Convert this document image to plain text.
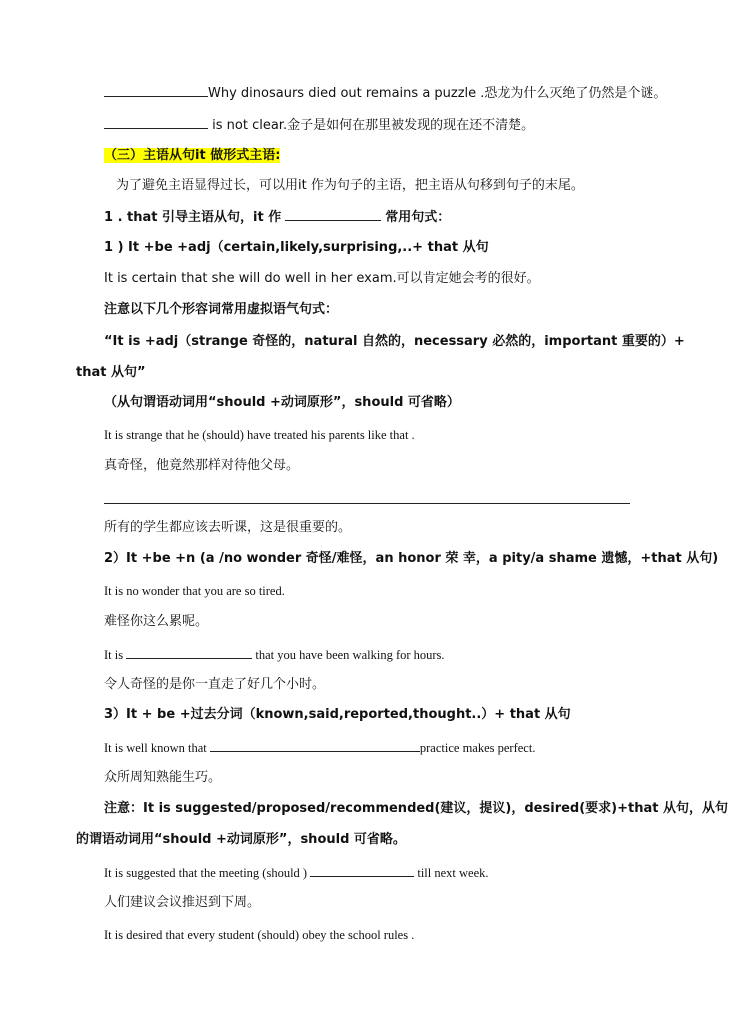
Why dinosaurs died out remains a puzzle .恐龙为什么灭绝了仍然是个谜。
is not clear.金子是如何在那里被发现的现在还不清楚。
（三）主语从句it 做形式主语:
为了避免主语显得过长，可以用it 作为句子的主语，把主语从句移到句子的末尾。
1 . that 引导主语从句，it 作	常用句式：
1 ) It +be +adj（certain,likely,surprising,..+ that 从句
It is certain that she will do well in her exam.可以肯定她会考的很好。
注意以下几个形容词常用虚拟语气句式：
“It is +adj（strange 奇怪的，natural 自然的，necessary 必然的，important 重要的）+
that 从句”
（从句谓语动词用“should +动词原形”，should 可省略）
It is strange that he (should) have treated his parents like that .
真奇怪，他竟然那样对待他父母。
所有的学生都应该去听课，这是很重要的。
2）It +be +n (a /no wonder 奇怪/难怪，an honor 荣 幸，a pity/a shame 遗憾，+that 从句)
It is no wonder that you are so tired.
难怪你这么累呢。
It is	that you have been walking for hours.
令人奇怪的是你一直走了好几个小时。
3）It + be +过去分词（known,said,reported,thought..）+ that 从句
It is well known that	practice makes perfect.
众所周知熟能生巧。
注意：It is suggested/proposed/recommended(建议，提议)，desired(要求)+that 从句，从句
的谓语动词用“should +动词原形”，should 可省略。
It is suggested that the meeting (should )	till next week.
人们建议会议推迟到下周。
It is desired that every student (should) obey the school rules .
